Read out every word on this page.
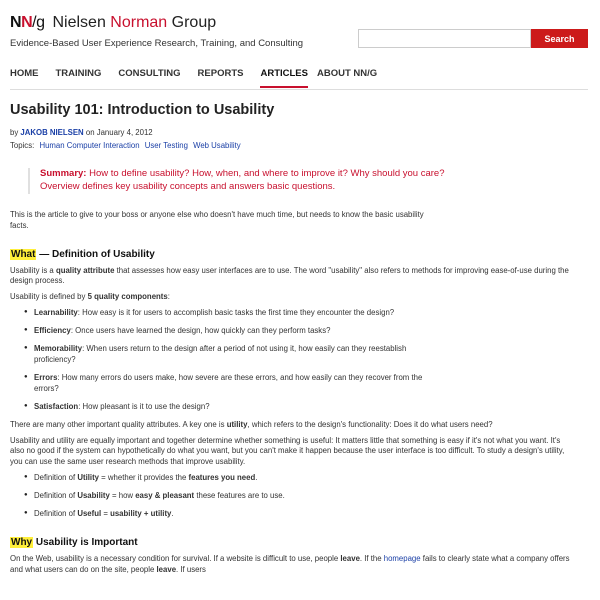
NN/g Nielsen Norman Group
Evidence-Based User Experience Research, Training, and Consulting	Search
HOME	TRAINING	CONSULTING	REPORTS	ARTICLES ABOUT NN/G
Usability 101: Introduction to Usability
by JAKOB NIELSEN on January 4, 2012
Topics: Human Computer Interaction User Testing Web Usability
Summary: How to define usability? How, when, and where to improve it? Why should you care? Overview defines key usability concepts and answers basic questions.
This is the article to give to your boss or anyone else who doesn't have much time, but needs to know the basic usability facts.
What — Definition of Usability

Usability is a quality attribute that assesses how easy user interfaces are to use. The word "usability" also refers to methods for improving ease-of-use during the design process.

Usability is defined by 5 quality components:

● Learnability: How easy is it for users to accomplish basic tasks the first time they encounter the design?
● Efficiency: Once users have learned the design, how quickly can they perform tasks?
● Memorability: When users return to the design after a period of not using it, how easily can they reestablish proficiency?
● Errors: How many errors do users make, how severe are these errors, and how easily can they recover from the errors?
● Satisfaction: How pleasant is it to use the design?

There are many other important quality attributes. A key one is utility, which refers to the design's functionality: Does it do what users need?

Usability and utility are equally important and together determine whether something is useful: It matters little that something is easy if it's not what you want. It's also no good if the system can hypothetically do what you want, but you can't make it happen because the user interface is too difficult. To study a design's utility, you can use the same user research methods that improve usability.

● Definition of Utility = whether it provides the features you need.
● Definition of Usability = how easy & pleasant these features are to use.
● Definition of Useful = usability + utility.
Why Usability is Important

On the Web, usability is a necessary condition for survival. If a website is difficult to use, people leave. If the homepage fails to clearly state what a company offers and what users can do on the site, people leave. If users
